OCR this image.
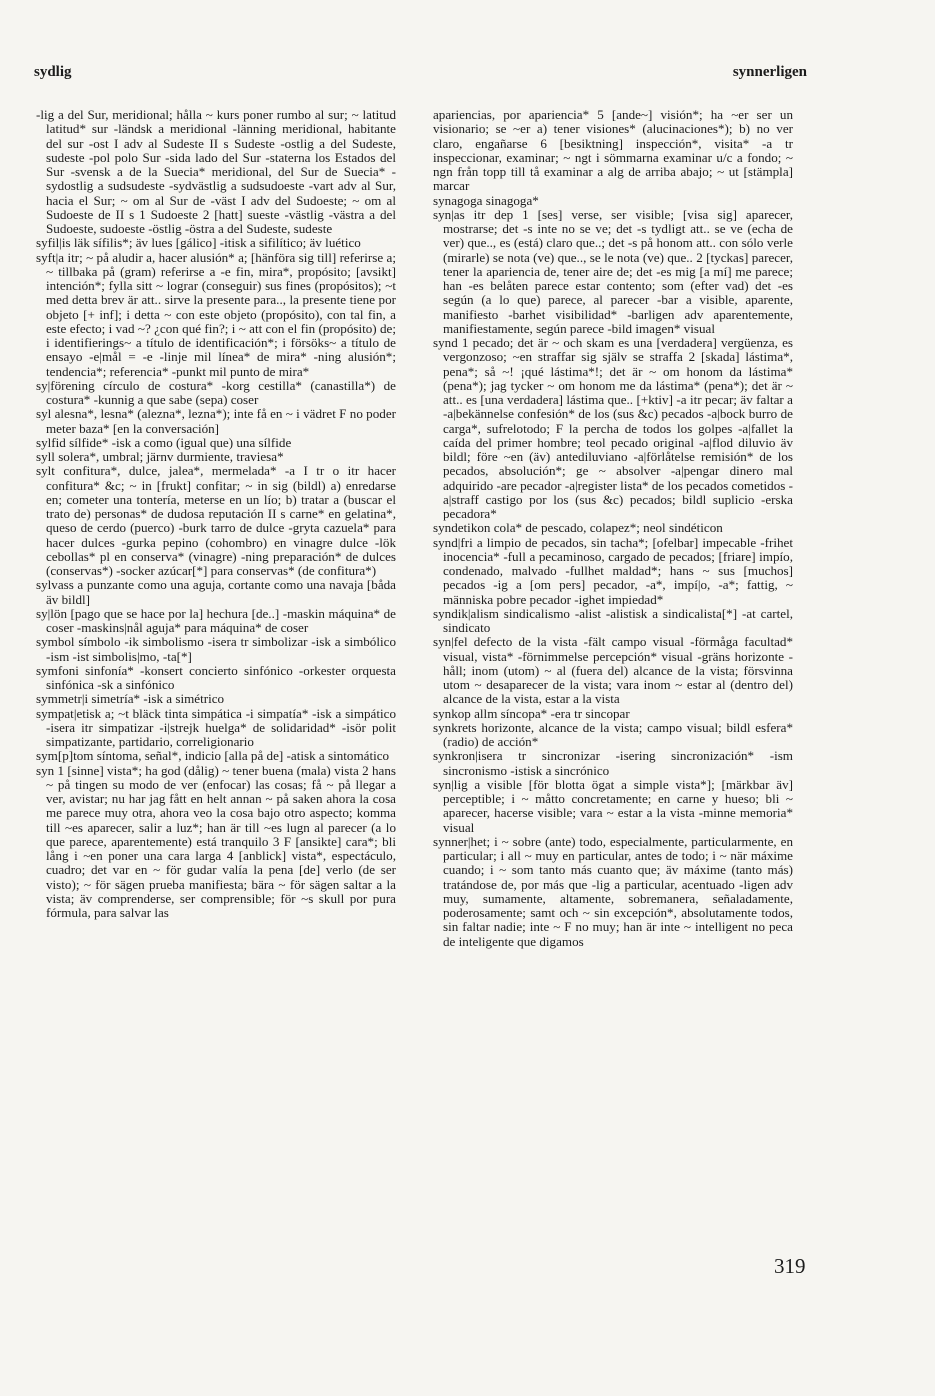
sydlig	synnerligen

-lig a del Sur, meridional; hålla ~ kurs poner rumbo al sur; ~ latitud latitud* sur -ländsk a meridional -länning meridional, habitante del sur -ost I adv al Sudeste II s Sudeste -ostlig a del Sudeste, sudeste -pol polo Sur -sida lado del Sur -staterna los Estados del Sur -svensk a de la Suecia* meridional, del Sur de Suecia* -sydostlig a sudsudeste -sydvästlig a sudsudoeste -vart adv al Sur, hacia el Sur; ~ om al Sur de -väst I adv del Sudoeste; ~ om al Sudoeste de II s 1 Sudoeste 2 [hatt] sueste -västlig -västra a del Sudoeste, sudoeste -östlig -östra a del Sudeste, sudeste

syfil|is läk sífilis*; äv lues [gálico] -itisk a sifilítico; äv luético

syft|a itr; ~ på aludir a, hacer alusión* a; [hänföra sig till] referirse a; ~ tillbaka på (gram) referirse a -e fin, mira*, propósito; [avsikt] intención*; fylla sitt ~ lograr (conseguir) sus fines (propósitos); ~t med detta brev är att.. sirve la presente para.., la presente tiene por objeto [+ inf]; i detta ~ con este objeto (propósito), con tal fin, a este efecto; i vad ~? ¿con qué fin?; i ~ att con el fin (propósito) de; i identifierings~ a título de identificación*; i försöks~ a título de ensayo -e|mål = -e -linje mil línea* de mira* -ning alusión*; tendencia*; referencia* -punkt mil punto de mira*

sy|förening círculo de costura* -korg cestilla* (canastilla*) de costura* -kunnig a que sabe (sepa) coser

syl alesna*, lesna* (alezna*, lezna*); inte få en ~ i vädret F no poder meter baza* [en la conversación]

sylfid sílfide* -isk a como (igual que) una sílfide

syll solera*, umbral; järnv durmiente, traviesa*

sylt confitura*, dulce, jalea*, mermelada* -a I tr o itr hacer confitura* &c; ~ in [frukt] confitar; ~ in sig (bildl) a) enredarse en; cometer una tontería, meterse en un lío; b) tratar a (buscar el trato de) personas* de dudosa reputación II s carne* en gelatina*, queso de cerdo (puerco) -burk tarro de dulce -gryta cazuela* para hacer dulces -gurka pepino (cohombro) en vinagre dulce -lök cebollas* pl en conserva* (vinagre) -ning preparación* de dulces (conservas*) -socker azúcar[*] para conservas* (de confitura*)

sylvass a punzante como una aguja, cortante como una navaja [båda äv bildl]

sy|lön [pago que se hace por la] hechura [de..] -maskin máquina* de coser -maskins|nål aguja* para máquina* de coser

symbol símbolo -ik simbolismo -isera tr simbolizar -isk a simbólico -ism -ist simbolis|mo, -ta[*]

symfoni sinfonía* -konsert concierto sinfónico -orkester orquesta sinfónica -sk a sinfónico

symmetr|i simetría* -isk a simétrico

sympat|etisk a; ~t bläck tinta simpática -i simpatía* -isk a simpático -isera itr simpatizar -i|strejk huelga* de solidaridad* -isör polit simpatizante, partidario, correligionario

sym[p]tom síntoma, señal*, indicio [alla på de] -atisk a sintomático

syn 1 [sinne] vista*; ha god (dålig) ~ tener buena (mala) vista 2 hans ~ på tingen su modo de ver (enfocar) las cosas; få ~ på llegar a ver, avistar; nu har jag fått en helt annan ~ på saken ahora la cosa me parece muy otra, ahora veo la cosa bajo otro aspecto; komma till ~es aparecer, salir a luz*; han är till ~es lugn al parecer (a lo que parece, aparentemente) está tranquilo 3 F [ansikte] cara*; bli lång i ~en poner una cara larga 4 [anblick] vista*, espectáculo, cuadro; det var en ~ för gudar valía la pena [de] verlo (de ser visto); ~ för sägen prueba manifiesta; bära ~ för sägen saltar a la vista; äv comprenderse, ser comprensible; för ~s skull por pura fórmula, para salvar las

apariencias, por apariencia* 5 [ande~] visión*; ha ~er ser un visionario; se ~er a) tener visiones* (alucinaciones*); b) no ver claro, engañarse 6 [besiktning] inspección*, visita* -a tr inspeccionar, examinar; ~ ngt i sömmarna examinar u/c a fondo; ~ ngn från topp till tå examinar a alg de arriba abajo; ~ ut [stämpla] marcar

synagoga sinagoga*

syn|as itr dep 1 [ses] verse, ser visible; [visa sig] aparecer, mostrarse; det -s inte no se ve; det -s tydligt att.. se ve (echa de ver) que.., es (está) claro que..; det -s på honom att.. con sólo verle (mirarle) se nota (ve) que.., se le nota (ve) que.. 2 [tyckas] parecer, tener la apariencia de, tener aire de; det -es mig [a mí] me parece; han -es belåten parece estar contento; som (efter vad) det -es según (a lo que) parece, al parecer -bar a visible, aparente, manifiesto -barhet visibilidad* -barligen adv aparentemente, manifiestamente, según parece -bild imagen* visual

synd 1 pecado; det är ~ och skam es una [verdadera] vergüenza, es vergonzoso; ~en straffar sig själv se straffa 2 [skada] lástima*, pena*; så ~! ¡qué lástima*!; det är ~ om honom da lástima* (pena*); jag tycker ~ om honom me da lástima* (pena*); det är ~ att.. es [una verdadera] lástima que.. [+ktiv] -a itr pecar; äv faltar a -a|bekännelse confesión* de los (sus &c) pecados -a|bock burro de carga*, sufrelotodo; F la percha de todos los golpes -a|fallet la caída del primer hombre; teol pecado original -a|flod diluvio äv bildl; före ~en (äv) antediluviano -a|förlåtelse remisión* de los pecados, absolución*; ge ~ absolver -a|pengar dinero mal adquirido -are pecador -a|register lista* de los pecados cometidos -a|straff castigo por los (sus &c) pecados; bildl suplicio -erska pecadora*

syndetikon cola* de pescado, colapez*; neol sindéticon

synd|fri a limpio de pecados, sin tacha*; [ofelbar] impecable -frihet inocencia* -full a pecaminoso, cargado de pecados; [friare] impío, condenado, malvado -fullhet maldad*; hans ~ sus [muchos] pecados -ig a [om pers] pecador, -a*, impí|o, -a*; fattig, ~ människa pobre pecador -ighet impiedad*

syndik|alism sindicalismo -alist -alistisk a sindicalista[*] -at cartel, sindicato

syn|fel defecto de la vista -fält campo visual -förmåga facultad* visual, vista* -förnimmelse percepción* visual -gräns horizonte -håll; inom (utom) ~ al (fuera del) alcance de la vista; försvinna utom ~ desaparecer de la vista; vara inom ~ estar al (dentro del) alcance de la vista, estar a la vista

synkop allm síncopa* -era tr sincopar

synkrets horizonte, alcance de la vista; campo visual; bildl esfera* (radio) de acción*

synkron|isera tr sincronizar -isering sincronización* -ism sincronismo -istisk a sincrónico

syn|lig a visible [för blotta ögat a simple vista*]; [märkbar äv] perceptible; i ~ måtto concretamente; en carne y hueso; bli ~ aparecer, hacerse visible; vara ~ estar a la vista -minne memoria* visual

synner|het; i ~ sobre (ante) todo, especialmente, particularmente, en particular; i all ~ muy en particular, antes de todo; i ~ när máxime cuando; i ~ som tanto más cuanto que; äv máxime (tanto más) tratándose de, por más que -lig a particular, acentuado -ligen adv muy, sumamente, altamente, sobremanera, señaladamente, poderosamente; samt och ~ sin excepción*, absolutamente todos, sin faltar nadie; inte ~ F no muy; han är inte ~ intelligent no peca de inteligente que digamos

319
